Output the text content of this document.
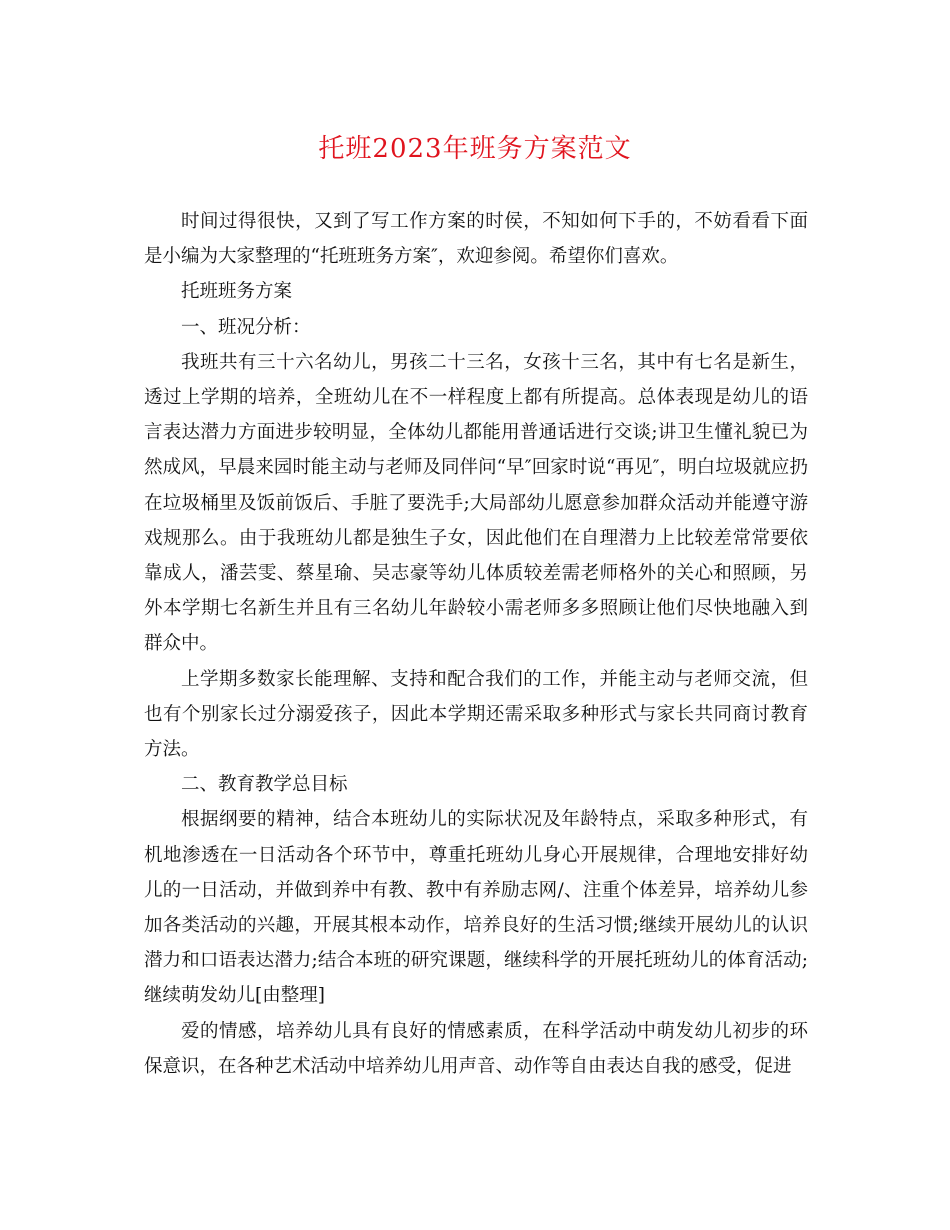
托班2023年班务方案范文

时间过得很快，又到了写工作方案的时侯，不知如何下手的，不妨看看下面是小编为大家整理的“托班班务方案″，欢迎参阅。希望你们喜欢。

托班班务方案

一、班况分析：

我班共有三十六名幼儿，男孩二十三名，女孩十三名，其中有七名是新生，透过上学期的培养，全班幼儿在不一样程度上都有所提高。总体表现是幼儿的语言表达潜力方面进步较明显，全体幼儿都能用普通话进行交谈;讲卫生懂礼貌已为然成风，早晨来园时能主动与老师及同伴问“早″回家时说“再见″，明白垃圾就应扔在垃圾桶里及饭前饭后、手脏了要洗手;大局部幼儿愿意参加群众活动并能遵守游戏规那么。由于我班幼儿都是独生子女，因此他们在自理潜力上比较差常常要依靠成人，潘芸雯、蔡星瑜、吴志豪等幼儿体质较差需老师格外的关心和照顾，另外本学期七名新生并且有三名幼儿年龄较小需老师多多照顾让他们尽快地融入到群众中。

上学期多数家长能理解、支持和配合我们的工作，并能主动与老师交流，但也有个别家长过分溺爱孩子，因此本学期还需采取多种形式与家长共同商讨教育方法。

二、教育教学总目标

根据纲要的精神，结合本班幼儿的实际状况及年龄特点，采取多种形式，有机地渗透在一日活动各个环节中，尊重托班幼儿身心开展规律，合理地安排好幼儿的一日活动，并做到养中有教、教中有养励志网/、注重个体差异，培养幼儿参加各类活动的兴趣，开展其根本动作，培养良好的生活习惯;继续开展幼儿的认识潜力和口语表达潜力;结合本班的研究课题，继续科学的开展托班幼儿的体育活动;继续萌发幼儿[由整理]

爱的情感，培养幼儿具有良好的情感素质，在科学活动中萌发幼儿初步的环保意识，在各种艺术活动中培养幼儿用声音、动作等自由表达自我的感受，促进
